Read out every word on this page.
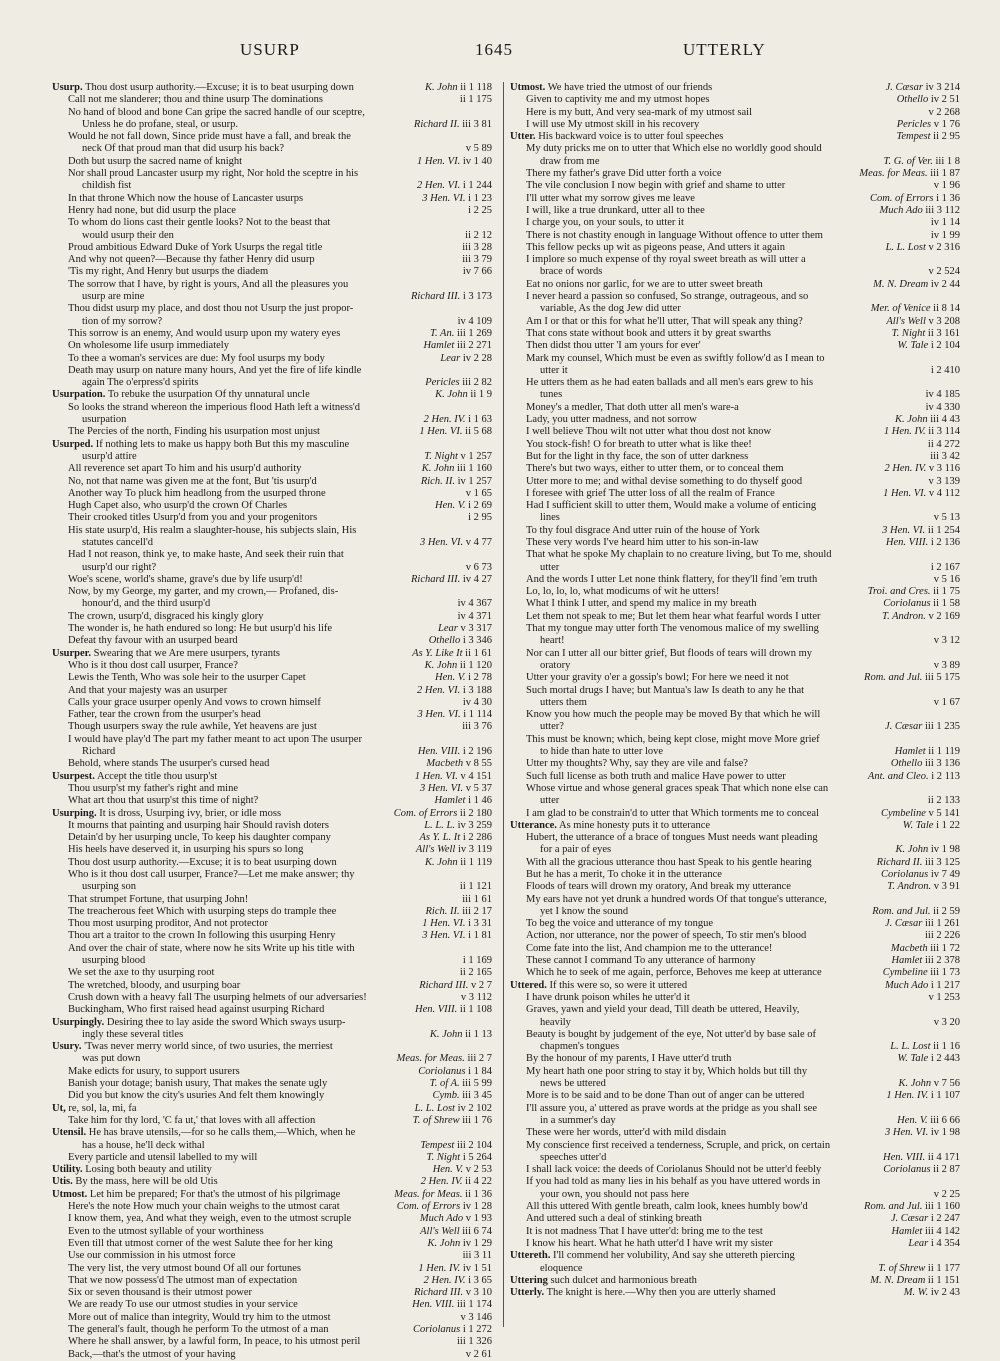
USURP	1645	UTTERLY
Usurp. Thou dost usurp authority.—Excuse; it is to beat usurping down	K. John ii 1 118
Call not me slanderer; thou and thine usurp The dominations	ii 1 175
No hand of blood and bone Can gripe the sacred handle of our sceptre,
Unless he do profane, steal, or usurp.	Richard II. iii 3 81
Would he not fall down, Since pride must have a fall, and break the
neck Of that proud man that did usurp his back?	v 5 89
Doth but usurp the sacred name of knight	1 Hen. VI. iv 1 40
Nor shall proud Lancaster usurp my right, Nor hold the sceptre in his
childish fist	2 Hen. VI. i 1 244
In that throne Which now the house of Lancaster usurps	3 Hen. VI. i 1 23
Henry had none, but did usurp the place	i 2 25
To whom do lions cast their gentle looks? Not to the beast that
would usurp their den	ii 2 12
Proud ambitious Edward Duke of York Usurps the regal title	iii 3 28
And why not queen?—Because thy father Henry did usurp	iii 3 79
'Tis my right, And Henry but usurps the diadem	iv 7 66
The sorrow that I have, by right is yours, And all the pleasures you
usurp are mine	Richard III. i 3 173
Thou didst usurp my place, and dost thou not Usurp the just propor-
tion of my sorrow?	iv 4 109
This sorrow is an enemy, And would usurp upon my watery eyes	T. An. iii 1 269
On wholesome life usurp immediately	Hamlet iii 2 271
To thee a woman's services are due: My fool usurps my body	Lear iv 2 28
Death may usurp on nature many hours, And yet the fire of life kindle
again The o'erpress'd spirits	Pericles iii 2 82
Usurpation. To rebuke the usurpation Of thy unnatural uncle	K. John ii 1 9
So looks the strand whereon the imperious flood Hath left a witness'd
usurpation	2 Hen. IV. i 1 63
The Percies of the north, Finding his usurpation most unjust	1 Hen. VI. ii 5 68
Usurped. If nothing lets to make us happy both But this my masculine
usurp'd attire	T. Night v 1 257
All reverence set apart To him and his usurp'd authority	K. John iii 1 160
No, not that name was given me at the font, But 'tis usurp'd	Rich. II. iv 1 257
Another way To pluck him headlong from the usurped throne	v 1 65
Hugh Capet also, who usurp'd the crown Of Charles	Hen. V. i 2 69
Their crooked titles Usurp'd from you and your progenitors	i 2 95
His state usurp'd, His realm a slaughter-house, his subjects slain, His
statutes cancell'd	3 Hen. VI. v 4 77
Had I not reason, think ye, to make haste, And seek their ruin that
usurp'd our right?	v 6 73
Woe's scene, world's shame, grave's due by life usurp'd!	Richard III. iv 4 27
Now, by my George, my garter, and my crown,— Profaned, dis-
honour'd, and the third usurp'd	iv 4 367
The crown, usurp'd, disgraced his kingly glory	iv 4 371
The wonder is, he hath endured so long: He but usurp'd his life	Lear v 3 317
Defeat thy favour with an usurped beard	Othello i 3 346
Usurper. Swearing that we Are mere usurpers, tyrants	As Y. Like It ii 1 61
Who is it thou dost call usurper, France?	K. John ii 1 120
Lewis the Tenth, Who was sole heir to the usurper Capet	Hen. V. i 2 78
And that your majesty was an usurper	2 Hen. VI. i 3 188
Calls your grace usurper openly And vows to crown himself	iv 4 30
Father, tear the crown from the usurper's head	3 Hen. VI. i 1 114
Though usurpers sway the rule awhile, Yet heavens are just	iii 3 76
I would have play'd The part my father meant to act upon The usurper
Richard	Hen. VIII. i 2 196
Behold, where stands The usurper's cursed head	Macbeth v 8 55
Usurpest. Accept the title thou usurp'st	1 Hen. VI. v 4 151
Thou usurp'st my father's right and mine	3 Hen. VI. v 5 37
What art thou that usurp'st this time of night?	Hamlet i 1 46
Usurping. It is dross, Usurping ivy, brier, or idle moss	Com. of Errors ii 2 180
It mourns that painting and usurping hair Should ravish doters	L. L. L. iv 3 259
Detain'd by her usurping uncle, To keep his daughter company	As Y. L. It i 2 286
His heels have deserved it, in usurping his spurs so long	All's Well iv 3 119
Thou dost usurp authority.—Excuse; it is to beat usurping down	K. John ii 1 119
Who is it thou dost call usurper, France?—Let me make answer; thy
usurping son	ii 1 121
That strumpet Fortune, that usurping John!	iii 1 61
The treacherous feet Which with usurping steps do trample thee	Rich. II. iii 2 17
Thou most usurping proditor, And not protector	1 Hen. VI. i 3 31
Thou art a traitor to the crown In following this usurping Henry	3 Hen. VI. i 1 81
And over the chair of state, where now he sits Write up his title with
usurping blood	i 1 169
We set the axe to thy usurping root	ii 2 165
The wretched, bloody, and usurping boar	Richard III. v 2 7
Crush down with a heavy fall The usurping helmets of our adversaries!	v 3 112
Buckingham, Who first raised head against usurping Richard	Hen. VIII. ii 1 108
Usurpingly. Desiring thee to lay aside the sword Which sways usurp-
ingly these several titles	K. John ii 1 13
Usury. 'Twas never merry world since, of two usuries, the merriest
was put down	Meas. for Meas. iii 2 7
Make edicts for usury, to support usurers	Coriolanus i 1 84
Banish your dotage; banish usury, That makes the senate ugly	T. of A. iii 5 99
Did you but know the city's usuries And felt them knowingly	Cymb. iii 3 45
Ut, re, sol, la, mi, fa	L. L. Lost iv 2 102
Take him for thy lord, 'C fa ut,' that loves with all affection	T. of Shrew iii 1 76
Utensil. He has brave utensils,—for so he calls them,—Which, when he
has a house, he'll deck withal	Tempest iii 2 104
Every particle and utensil labelled to my will	T. Night i 5 264
Utility. Losing both beauty and utility	Hen. V. v 2 53
Utis. By the mass, here will be old Utis	2 Hen. IV. ii 4 22
Utmost. Let him be prepared; For that's the utmost of his pilgrimage	Meas. for Meas. ii 1 36
Here's the note How much your chain weighs to the utmost carat	Com. of Errors iv 1 28
I know them, yea, And what they weigh, even to the utmost scruple	Much Ado v 1 93
Even to the utmost syllable of your worthiness	All's Well iii 6 74
Even till that utmost corner of the west Salute thee for her king	K. John iv 1 29
Use our commission in his utmost force	iii 3 11
The very list, the very utmost bound Of all our fortunes	1 Hen. IV. iv 1 51
That we now possess'd The utmost man of expectation	2 Hen. IV. i 3 65
Six or seven thousand is their utmost power	Richard III. v 3 10
We are ready To use our utmost studies in your service	Hen. VIII. iii 1 174
More out of malice than integrity, Would try him to the utmost	v 3 146
The general's fault, though he perform To the utmost of a man	Coriolanus i 1 272
Where he shall answer, by a lawful form, In peace, to his utmost peril	iii 1 326
Back,—that's the utmost of your having	v 2 61
Utmost. We have tried the utmost of our friends	J. Cæsar iv 3 214
Given to captivity me and my utmost hopes	Othello iv 2 51
Here is my butt, And very sea-mark of my utmost sail	v 2 268
I will use My utmost skill in his recovery	Pericles v 1 76
Utter. His backward voice is to utter foul speeches	Tempest ii 2 95
My duty pricks me on to utter that Which else no worldly good should
draw from me	T. G. of Ver. iii 1 8
There my father's grave Did utter forth a voice	Meas. for Meas. iii 1 87
The vile conclusion I now begin with grief and shame to utter	v 1 96
I'll utter what my sorrow gives me leave	Com. of Errors i 1 36
I will, like a true drunkard, utter all to thee	Much Ado iii 3 112
I charge you, on your souls, to utter it	iv 1 14
There is not chastity enough in language Without offence to utter them	iv 1 99
This fellow pecks up wit as pigeons pease, And utters it again	L. L. Lost v 2 316
I implore so much expense of thy royal sweet breath as will utter a
brace of words	v 2 524
Eat no onions nor garlic, for we are to utter sweet breath	M. N. Dream iv 2 44
I never heard a passion so confused, So strange, outrageous, and so
variable, As the dog Jew did utter	Mer. of Venice ii 8 14
Am I or that or this for what he'll utter, That will speak any thing?	All's Well v 3 208
That cons state without book and utters it by great swarths	T. Night ii 3 161
Then didst thou utter 'I am yours for ever'	W. Tale i 2 104
Mark my counsel, Which must be even as swiftly follow'd as I mean to
utter it	i 2 410
He utters them as he had eaten ballads and all men's ears grew to his
tunes	iv 4 185
Money's a medler, That doth utter all men's ware-a	iv 4 330
Lady, you utter madness, and not sorrow	K. John iii 4 43
I well believe Thou wilt not utter what thou dost not know	1 Hen. IV. ii 3 114
You stock-fish! O for breath to utter what is like thee!	ii 4 272
But for the light in thy face, the son of utter darkness	iii 3 42
There's but two ways, either to utter them, or to conceal them	2 Hen. IV. v 3 116
Utter more to me; and withal devise something to do thyself good	v 3 139
I foresee with grief The utter loss of all the realm of France	1 Hen. VI. v 4 112
Had I sufficient skill to utter them, Would make a volume of enticing
lines	v 5 13
To thy foul disgrace And utter ruin of the house of York	3 Hen. VI. ii 1 254
These very words I've heard him utter to his son-in-law	Hen. VIII. i 2 136
That what he spoke My chaplain to no creature living, but To me, should
utter	i 2 167
And the words I utter Let none think flattery, for they'll find 'em truth	v 5 16
Lo, lo, lo, lo, what modicums of wit he utters!	Troi. and Cres. ii 1 75
What I think I utter, and spend my malice in my breath	Coriolanus ii 1 58
Let them not speak to me; But let them hear what fearful words I utter	T. Andron. v 2 169
That my tongue may utter forth The venomous malice of my swelling
heart!	v 3 12
Nor can I utter all our bitter grief, But floods of tears will drown my
oratory	v 3 89
Utter your gravity o'er a gossip's bowl; For here we need it not	Rom. and Jul. iii 5 175
Such mortal drugs I have; but Mantua's law Is death to any he that
utters them	v 1 67
Know you how much the people may be moved By that which he will
utter?	J. Cæsar iii 1 235
This must be known; which, being kept close, might move More grief
to hide than hate to utter love	Hamlet ii 1 119
Utter my thoughts? Why, say they are vile and false?	Othello iii 3 136
Such full license as both truth and malice Have power to utter	Ant. and Cleo. i 2 113
Whose virtue and whose general graces speak That which none else can
utter	ii 2 133
I am glad to be constrain'd to utter that Which torments me to conceal	Cymbeline v 5 141
Utterance. As mine honesty puts it to utterance	W. Tale i 1 22
Hubert, the utterance of a brace of tongues Must needs want pleading
for a pair of eyes	K. John iv 1 98
With all the gracious utterance thou hast Speak to his gentle hearing	Richard II. iii 3 125
But he has a merit, To choke it in the utterance	Coriolanus iv 7 49
Floods of tears will drown my oratory, And break my utterance	T. Andron. v 3 91
My ears have not yet drunk a hundred words Of that tongue's utterance,
yet I know the sound	Rom. and Jul. ii 2 59
To beg the voice and utterance of my tongue	J. Cæsar iii 1 261
Action, nor utterance, nor the power of speech, To stir men's blood	iii 2 226
Come fate into the list, And champion me to the utterance!	Macbeth iii 1 72
These cannot I command To any utterance of harmony	Hamlet iii 2 378
Which he to seek of me again, perforce, Behoves me keep at utterance	Cymbeline iii 1 73
Uttered. If this were so, so were it uttered	Much Ado i 1 217
I have drunk poison whiles he utter'd it	v 1 253
Graves, yawn and yield your dead, Till death be uttered, Heavily,
heavily	v 3 20
Beauty is bought by judgement of the eye, Not utter'd by base sale of
chapmen's tongues	L. L. Lost ii 1 16
By the honour of my parents, I Have utter'd truth	W. Tale i 2 443
My heart hath one poor string to stay it by, Which holds but till thy
news be uttered	K. John v 7 56
More is to be said and to be done Than out of anger can be uttered	1 Hen. IV. i 1 107
I'll assure you, a' uttered as prave words at the pridge as you shall see
in a summer's day	Hen. V. iii 6 66
These were her words, utter'd with mild disdain	3 Hen. VI. iv 1 98
My conscience first received a tenderness, Scruple, and prick, on certain
speeches utter'd	Hen. VIII. ii 4 171
I shall lack voice: the deeds of Coriolanus Should not be utter'd feebly	Coriolanus ii 2 87
If you had told as many lies in his behalf as you have uttered words in
your own, you should not pass here	v 2 25
All this uttered With gentle breath, calm look, knees humbly bow'd	Rom. and Jul. iii 1 160
And uttered such a deal of stinking breath	J. Cæsar i 2 247
It is not madness That I have utter'd: bring me to the test	Hamlet iii 4 142
I know his heart. What he hath utter'd I have writ my sister	Lear i 4 354
Uttereth. I'll commend her volubility, And say she uttereth piercing
eloquence	T. of Shrew ii 1 177
Uttering such dulcet and harmonious breath	M. N. Dream ii 1 151
Utterly. The knight is here.—Why then you are utterly shamed	M. W. iv 2 43
